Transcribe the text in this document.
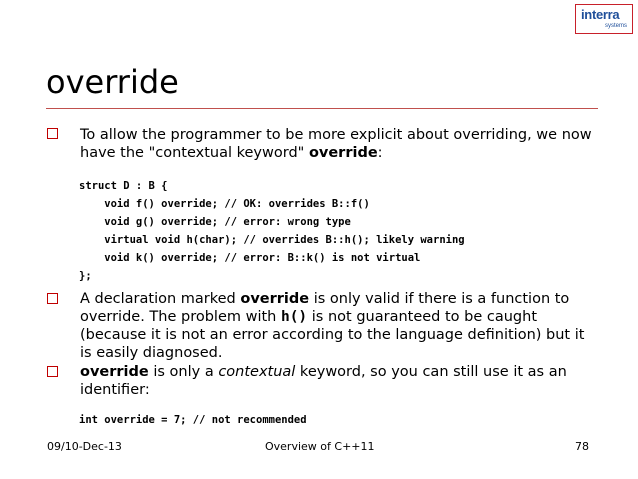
interra
systems
override
To allow the programmer to be more explicit about overriding, we now
have the "contextual keyword" override:
struct D : B {
void f() override; // OK: overrides B::f()
void g() override; // error: wrong type
virtual void h(char); // overrides B::h(); likely warning
void k() override; // error: B::k() is not virtual
};
A declaration marked override is only valid if there is a function to
override. The problem with h() is not guaranteed to be caught
(because it is not an error according to the language definition) but it
is easily diagnosed.
override is only a contextual keyword, so you can still use it as an
identifier:
int override = 7; // not recommended
09/10-Dec-13	Overview of C++11	78
